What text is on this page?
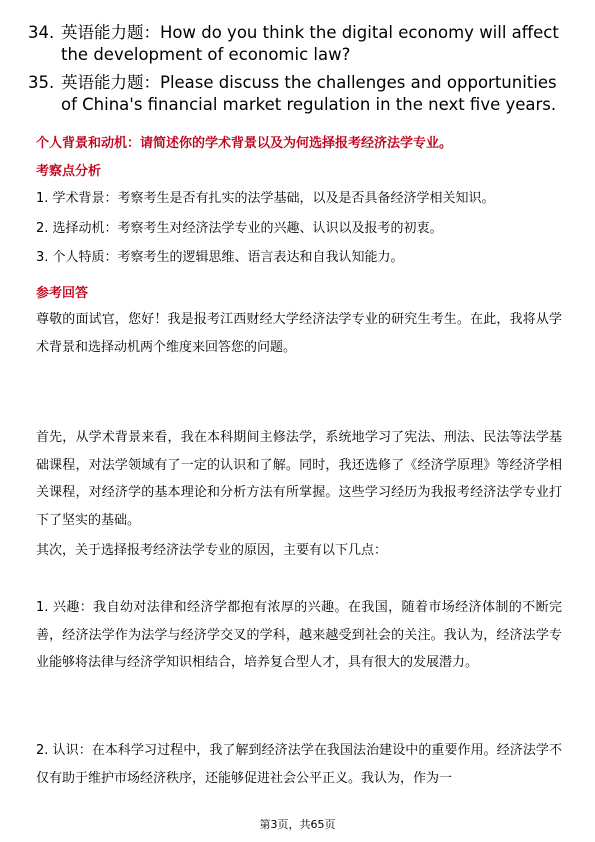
34. 英语能力题：How do you think the digital economy will affect the development of economic law?
35. 英语能力题：Please discuss the challenges and opportunities of China's financial market regulation in the next five years.
个人背景和动机：请简述你的学术背景以及为何选择报考经济法学专业。
考察点分析
1. 学术背景：考察考生是否有扎实的法学基础，以及是否具备经济学相关知识。
2. 选择动机：考察考生对经济法学专业的兴趣、认识以及报考的初衷。
3. 个人特质：考察考生的逻辑思维、语言表达和自我认知能力。
参考回答
尊敬的面试官，您好！我是报考江西财经大学经济法学专业的研究生考生。在此，我将从学术背景和选择动机两个维度来回答您的问题。
首先，从学术背景来看，我在本科期间主修法学，系统地学习了宪法、刑法、民法等法学基础课程，对法学领域有了一定的认识和了解。同时，我还选修了《经济学原理》等经济学相关课程，对经济学的基本理论和分析方法有所掌握。这些学习经历为我报考经济法学专业打下了坚实的基础。
其次，关于选择报考经济法学专业的原因，主要有以下几点：
1. 兴趣：我自幼对法律和经济学都抱有浓厚的兴趣。在我国，随着市场经济体制的不断完善，经济法学作为法学与经济学交叉的学科，越来越受到社会的关注。我认为，经济法学专业能够将法律与经济学知识相结合，培养复合型人才，具有很大的发展潜力。
2. 认识：在本科学习过程中，我了解到经济法学在我国法治建设中的重要作用。经济法学不仅有助于维护市场经济秩序，还能够促进社会公平正义。我认为，作为一
第3页，共65页
